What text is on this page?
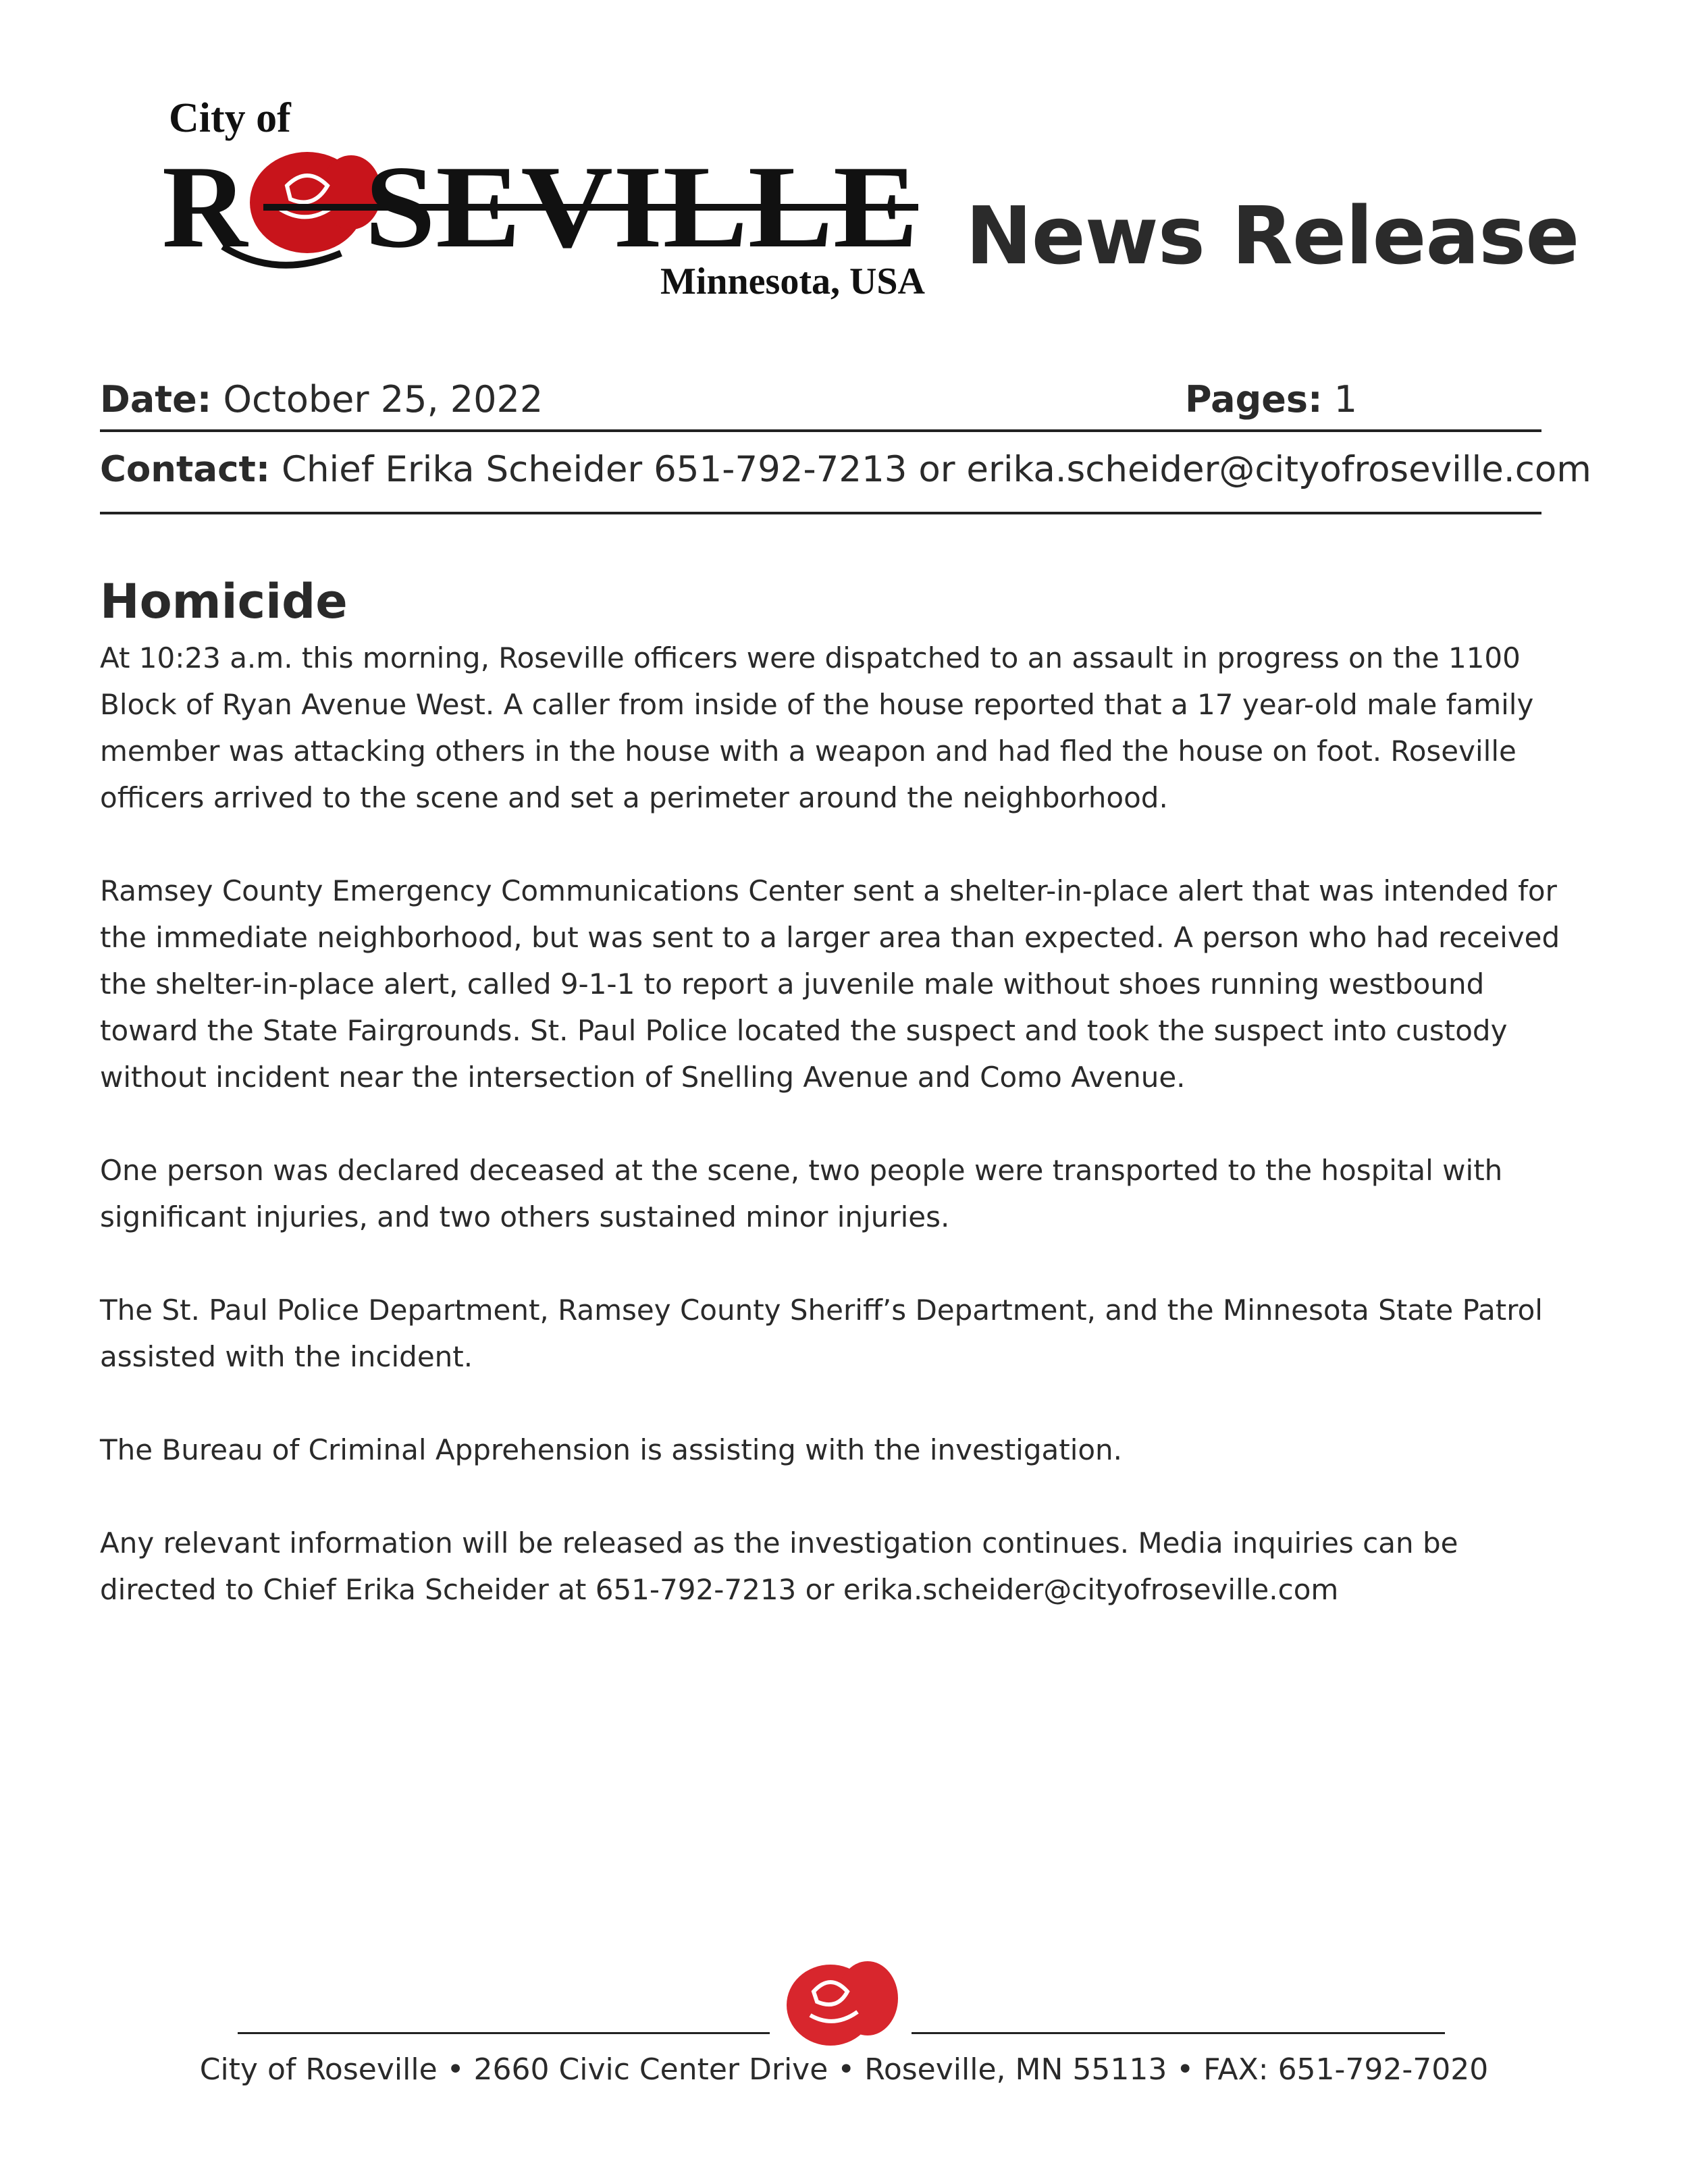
City of
R SEVILLE
Minnesota, USA News Release
Date: October 25, 2022	Pages: 1
Contact: Chief Erika Scheider 651-792-7213 or erika.scheider@cityofroseville.com
Homicide

At 10:23 a.m. this morning, Roseville officers were dispatched to an assault in progress on the 1100 Block of Ryan Avenue West. A caller from inside of the house reported that a 17 year-old male family member was attacking others in the house with a weapon and had fled the house on foot. Roseville officers arrived to the scene and set a perimeter around the neighborhood.

Ramsey County Emergency Communications Center sent a shelter-in-place alert that was intended for the immediate neighborhood, but was sent to a larger area than expected. A person who had received the shelter-in-place alert, called 9-1-1 to report a juvenile male without shoes running westbound toward the State Fairgrounds. St. Paul Police located the suspect and took the suspect into custody without incident near the intersection of Snelling Avenue and Como Avenue.

One person was declared deceased at the scene, two people were transported to the hospital with significant injuries, and two others sustained minor injuries.

The St. Paul Police Department, Ramsey County Sheriff’s Department, and the Minnesota State Patrol assisted with the incident.

The Bureau of Criminal Apprehension is assisting with the investigation.

Any relevant information will be released as the investigation continues. Media inquiries can be directed to Chief Erika Scheider at 651-792-7213 or erika.scheider@cityofroseville.com

City of Roseville • 2660 Civic Center Drive • Roseville, MN 55113 • FAX: 651-792-7020
